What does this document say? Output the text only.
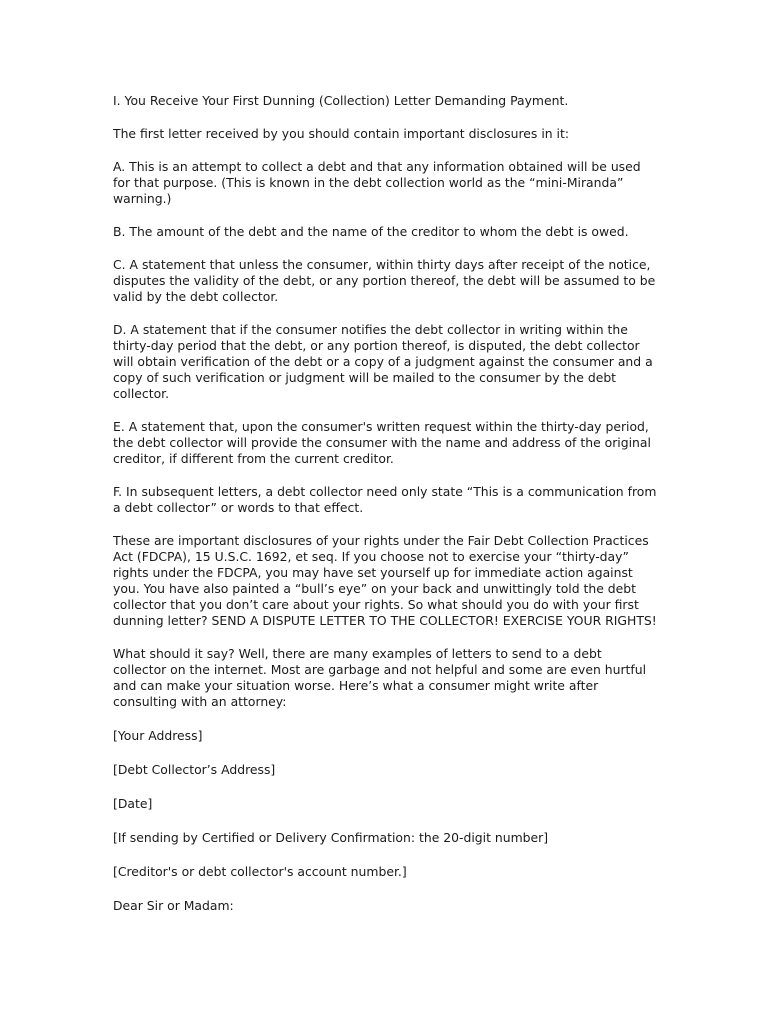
I. You Receive Your First Dunning (Collection) Letter Demanding Payment.

The first letter received by you should contain important disclosures in it:

A. This is an attempt to collect a debt and that any information obtained will be used for that purpose. (This is known in the debt collection world as the “mini-Miranda” warning.)

B. The amount of the debt and the name of the creditor to whom the debt is owed.

C. A statement that unless the consumer, within thirty days after receipt of the notice, disputes the validity of the debt, or any portion thereof, the debt will be assumed to be valid by the debt collector.

D. A statement that if the consumer notifies the debt collector in writing within the thirty-day period that the debt, or any portion thereof, is disputed, the debt collector will obtain verification of the debt or a copy of a judgment against the consumer and a copy of such verification or judgment will be mailed to the consumer by the debt collector.

E. A statement that, upon the consumer's written request within the thirty-day period, the debt collector will provide the consumer with the name and address of the original creditor, if different from the current creditor.

F. In subsequent letters, a debt collector need only state “This is a communication from a debt collector” or words to that effect.

These are important disclosures of your rights under the Fair Debt Collection Practices Act (FDCPA), 15 U.S.C. 1692, et seq. If you choose not to exercise your “thirty-day” rights under the FDCPA, you may have set yourself up for immediate action against you. You have also painted a “bull’s eye” on your back and unwittingly told the debt collector that you don’t care about your rights. So what should you do with your first dunning letter? SEND A DISPUTE LETTER TO THE COLLECTOR! EXERCISE YOUR RIGHTS!

What should it say? Well, there are many examples of letters to send to a debt collector on the internet. Most are garbage and not helpful and some are even hurtful and can make your situation worse. Here’s what a consumer might write after consulting with an attorney:

[Your Address]

[Debt Collector’s Address]

[Date]

[If sending by Certified or Delivery Confirmation: the 20-digit number]

[Creditor's or debt collector's account number.]

Dear Sir or Madam:
